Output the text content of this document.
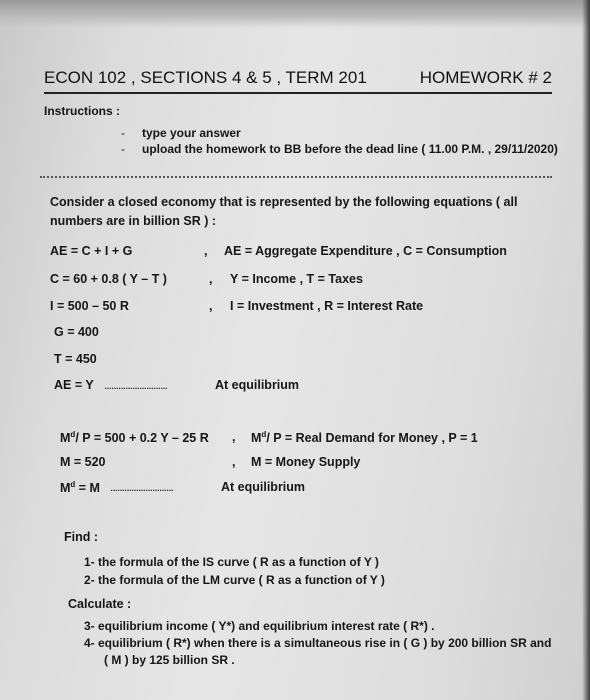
ECON 102 , SECTIONS 4 & 5 , TERM 201	HOMEWORK # 2
Instructions :
- type your answer
- upload the homework to BB before the dead line ( 11.00 P.M. , 29/11/2020)
Consider a closed economy that is represented by the following equations ( all
numbers are in billion SR ) :
AE = C + I + G	, AE = Aggregate Expenditure , C = Consumption
C = 60 + 0.8 ( Y – T )	, Y = Income , T = Taxes
I = 500 – 50 R	, I = Investment , R = Interest Rate
G = 400
T = 450
AE = Y ...........................	At equilibrium
$M^d/$ P = 500 + 0.2 Y – 25 R , $M^d/$ P = Real Demand for Money , P = 1
M = 520	, M = Money Supply
$M^d = M$ ...........................	At equilibrium
Find :
1- the formula of the IS curve ( R as a function of Y )
2- the formula of the LM curve ( R as a function of Y )
Calculate :
3- equilibrium income ( Y*) and equilibrium interest rate ( R*) .
4- equilibrium ( R*) when there is a simultaneous rise in ( G ) by 200 billion SR and
( M ) by 125 billion SR .
